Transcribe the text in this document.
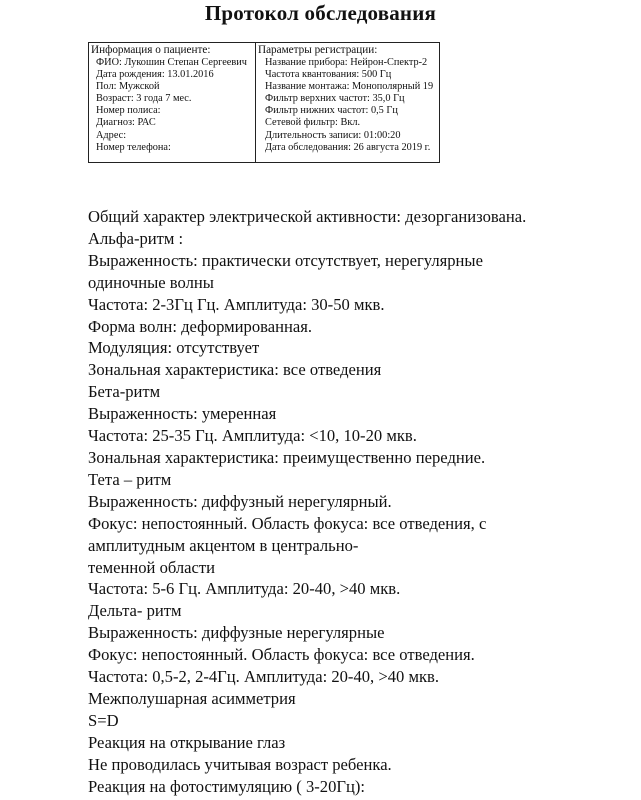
Протокол обследования
Информация о пациенте:
ФИО: Лукошин Степан Сергеевич
Дата рождения: 13.01.2016
Пол: Мужской
Возраст: 3 года 7 мес.
Номер полиса:
Диагноз: РАС
Адрес:
Номер телефона:
Параметры регистрации:
Название прибора: Нейрон-Спектр-2
Частота квантования: 500 Гц
Название монтажа: Монополярный 19
Фильтр верхних частот: 35,0 Гц
Фильтр нижних частот: 0,5 Гц
Сетевой фильтр: Вкл.
Длительность записи: 01:00:20
Дата обследования: 26 августа 2019 г.
Общий характер электрической активности: дезорганизована.
Альфа-ритм :
Выраженность: практически отсутствует, нерегулярные
одиночные волны
Частота: 2-3Гц Гц. Амплитуда: 30-50 мкв.
Форма волн: деформированная.
Модуляция: отсутствует
Зональная характеристика: все отведения
Бета-ритм
Выраженность: умеренная
Частота: 25-35 Гц. Амплитуда: <10, 10-20 мкв.
Зональная характеристика: преимущественно передние.
Тета – ритм
Выраженность: диффузный нерегулярный.
Фокус: непостоянный. Область фокуса: все отведения, с
амплитудным акцентом в центрально-
теменной области
Частота: 5-6 Гц. Амплитуда: 20-40, >40 мкв.
Дельта- ритм
Выраженность: диффузные нерегулярные
Фокус: непостоянный. Область фокуса: все отведения.
Частота: 0,5-2, 2-4Гц. Амплитуда: 20-40, >40 мкв.
Межполушарная асимметрия
S=D
Реакция на открывание глаз
Не проводилась учитывая возраст ребенка.
Реакция на фотостимуляцию ( 3-20Гц):
